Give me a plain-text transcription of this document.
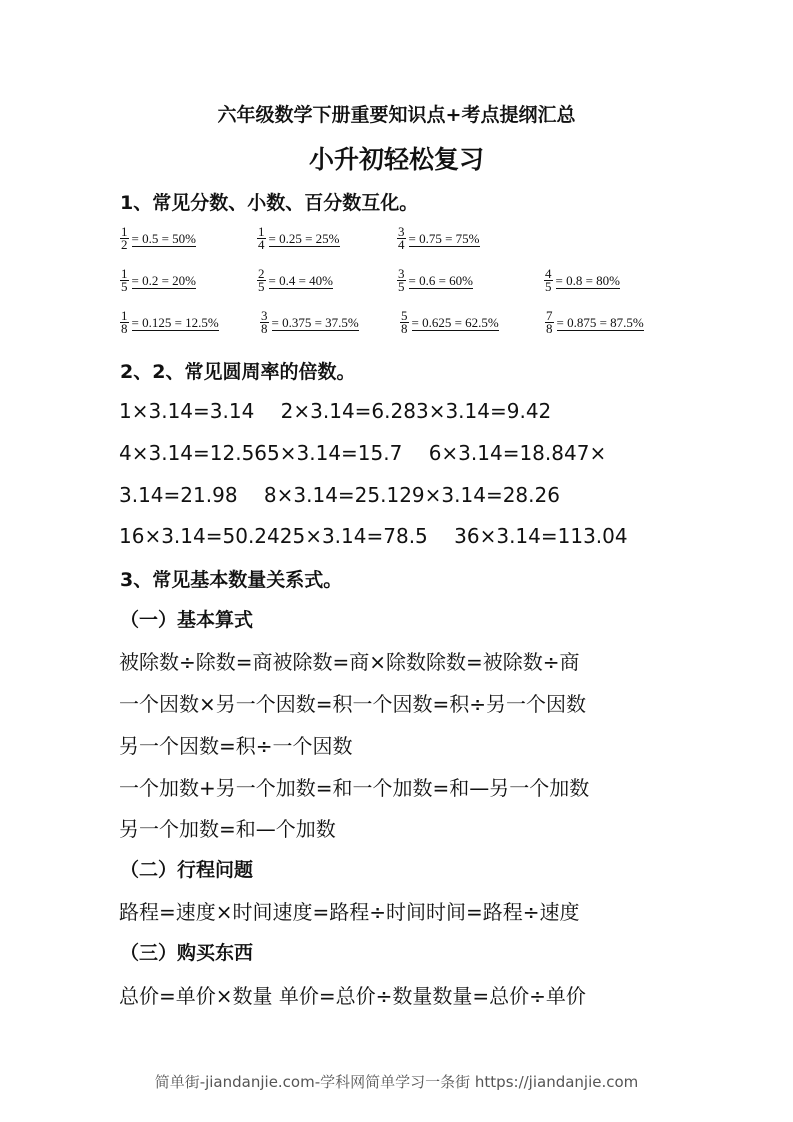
六年级数学下册重要知识点+考点提纲汇总
小升初轻松复习
1、常见分数、小数、百分数互化。
$\frac{1}{2} = 0.5 = 50\%$	$\frac{1}{4} = 0.25 = 25\%$	$\frac{3}{4} = 0.75 = 75\%$
$\frac{1}{5} = 0.2 = 20\%$	$\frac{2}{5} = 0.4 = 40\%$	$\frac{3}{5} = 0.6 = 60\%$	$\frac{4}{5} = 0.8 = 80\%$
$\frac{1}{8} = 0.125 = 12.5\%$	$\frac{3}{8} = 0.375 = 37.5\%$	$\frac{5}{8} = 0.625 = 62.5\%$	$\frac{7}{8} = 0.875 = 87.5\%$
2、2、常见圆周率的倍数。
1×3.14=3.14　 2×3.14=6.283×3.14=9.42
4×3.14=12.565×3.14=15.7　 6×3.14=18.847×
3.14=21.98　 8×3.14=25.129×3.14=28.26
16×3.14=50.2425×3.14=78.5　 36×3.14=113.04
3、常见基本数量关系式。
（一）基本算式
被除数÷除数=商被除数=商×除数除数=被除数÷商
一个因数×另一个因数=积一个因数=积÷另一个因数
另一个因数=积÷一个因数
一个加数+另一个加数=和一个加数=和—另一个加数
另一个加数=和—个加数
（二）行程问题
路程=速度×时间速度=路程÷时间时间=路程÷速度
（三）购买东西
总价=单价×数量 单价=总价÷数量数量=总价÷单价
简单街-jiandanjie.com-学科网简单学习一条街 https://jiandanjie.com
